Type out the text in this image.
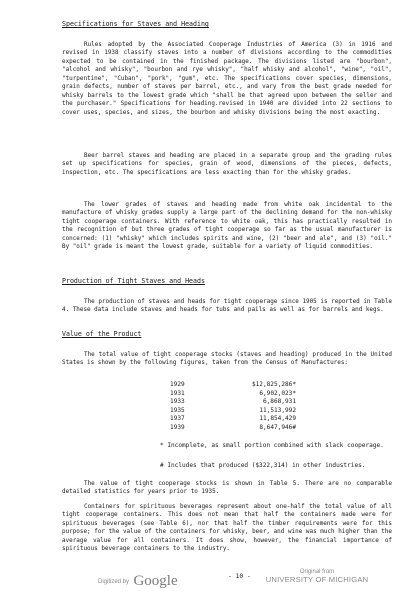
Specifications for Staves and Heading

Rules adopted by the Associated Cooperage Industries of America (3) in 1916 and revised in 1938 classify staves into a number of divisions according to the commodities expected to be contained in the finished package. The divisions listed are "bourbon", "alcohol and whisky", "bourbon and rye whisky", "half whisky and alcohol", "wine", "oil", "turpentine", "Cuban", "pork", "gum", etc. The specifications cover species, dimensions, grain defects, number of staves per barrel, etc., and vary from the best grade needed for whisky barrels to the lowest grade which "shall be that agreed upon between the seller and the purchaser." Specifications for heading.revised in 1940 are divided into 22 sections to cover uses, species, and sizes, the bourbon and whisky divisions being the most exacting.

Beer barrel staves and heading are placed in a separate group and the grading rules set up specifications for species, grain of wood, dimensions of the pieces, defects, inspection, etc. The specifications are less exacting than for the whisky grades.

The lower grades of staves and heading made from white oak incidental to the manufacture of whisky grades supply a large part of the declining demand for the non-whisky tight cooperage containers. With reference to white oak, this has practically resulted in the recognition of but three grades of tight cooperage so far as the usual manufacturer is concerned: (1) "whisky" which includes spirits and wine, (2) "beer and ale", and (3) "oil." By "oil" grade is meant the lowest grade, suitable for a variety of liquid commodities.

Production of Tight Staves and Heads

The production of staves and heads for tight cooperage since 1905 is reported in Table 4. These data include staves and heads for tubs and pails as well as for barrels and kegs.

Value of the Product

The total value of tight cooperage stocks (staves and heading) produced in the United States is shown by the following figures, taken from the Census of Manufactures:

1929	$12,825,286*
1931	6,902,023*
1933	6,868,931
1935	11,513,992
1937	11,854,429
1939	8,647,946#

* Incomplete, as small portion combined with slack cooperage.

# Includes that produced ($322,314) in other industries.

The value of tight cooperage stocks is shown in Table 5. There are no comparable detailed statistics for years prior to 1935.

Containers for spirituous beverages represent about one-half the total value of all tight cooperage containers. This does not mean that half the containers made were for spirituous beverages (see Table 6), nor that half the timber requirements were for this purpose; for the value of the containers for whisky, beer, and wine was much higher than the average value for all containers. It does show, however, the financial importance of spirituous beverage containers to the industry.

Digitized by Google	- 10 -
Original from
UNIVERSITY OF MICHIGAN
